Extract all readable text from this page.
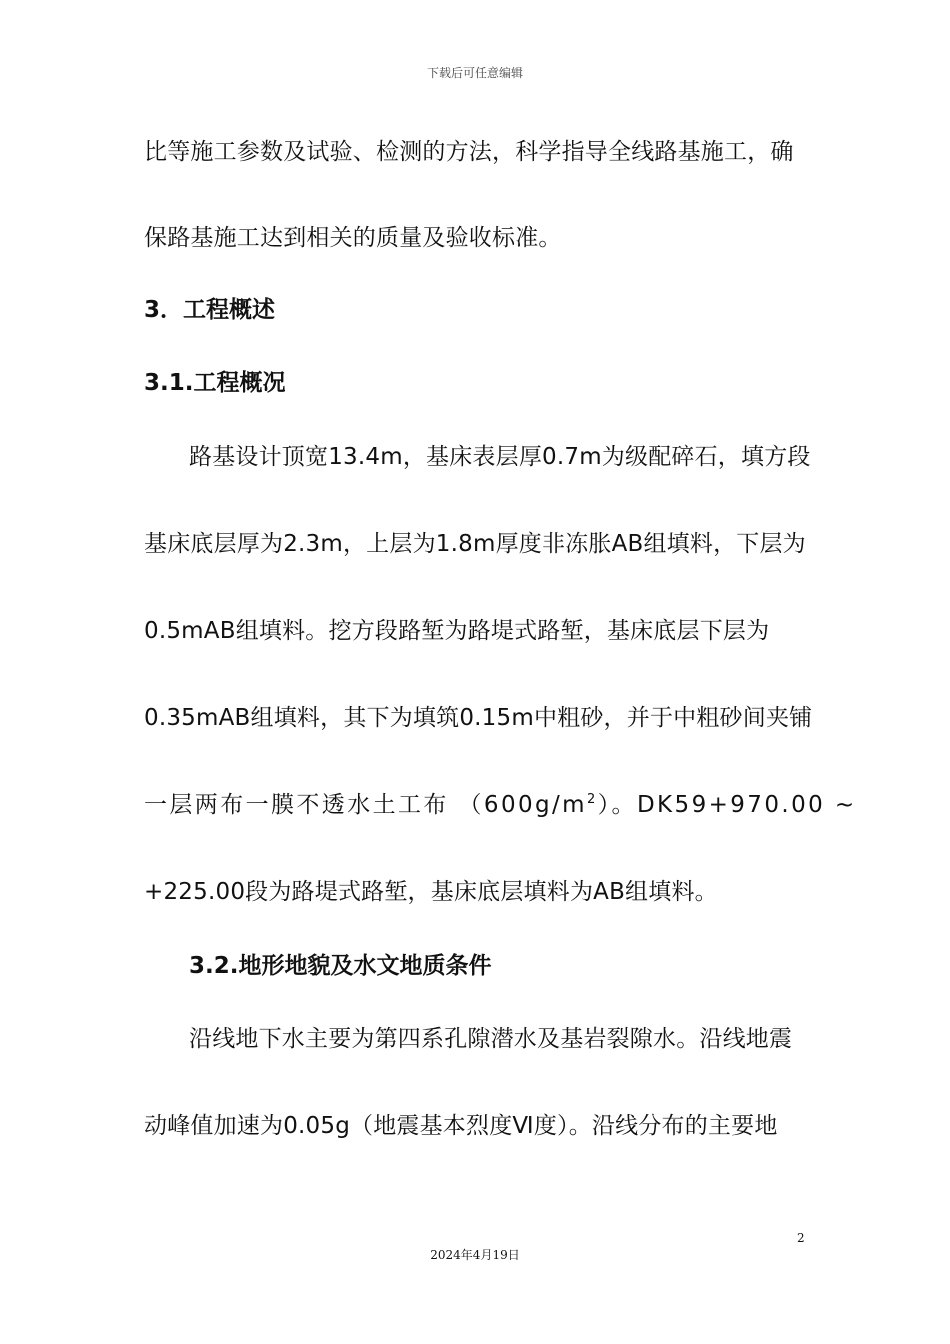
下载后可任意编辑
比等施工参数及试验、检测的方法，科学指导全线路基施工，确
保路基施工达到相关的质量及验收标准。
3．工程概述
3.1.工程概况
路基设计顶宽13.4m，基床表层厚0.7m为级配碎石，填方段
基床底层厚为2.3m，上层为1.8m厚度非冻胀AB组填料，下层为
0.5mAB组填料。挖方段路堑为路堤式路堑，基床底层下层为
0.35mAB组填料，其下为填筑0.15m中粗砂，并于中粗砂间夹铺
一层两布一膜不透水土工布 $(600g/m^2)$。DK59+970.00 ~
+225.00段为路堤式路堑，基床底层填料为AB组填料。
3.2.地形地貌及水文地质条件
沿线地下水主要为第四系孔隙潜水及基岩裂隙水。沿线地震
动峰值加速为0.05g（地震基本烈度Ⅵ度）。沿线分布的主要地
2
2024年4月19日
